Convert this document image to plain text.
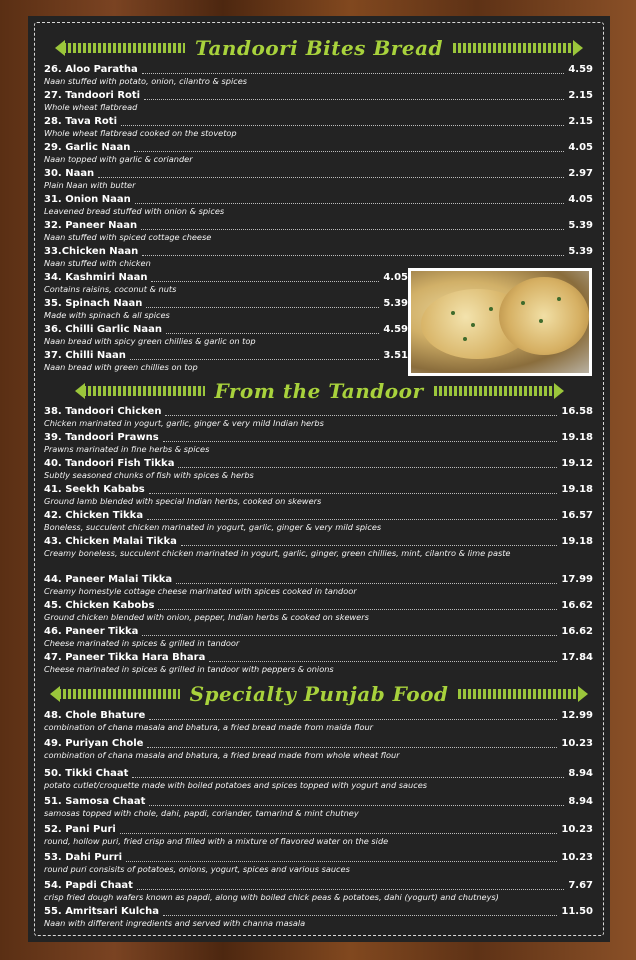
Tandoori Bites Bread
26. Aloo Paratha	4.59
Naan stuffed with potato, onion, cilantro & spices
27. Tandoori Roti	2.15
Whole wheat flatbread
28. Tava Roti	2.15
Whole wheat flatbread cooked on the stovetop
29. Garlic Naan	4.05
Naan topped with garlic & coriander
30. Naan	2.97
Plain Naan with butter
31. Onion Naan	4.05
Leavened bread stuffed with onion & spices
32. Paneer Naan	5.39
Naan stuffed with spiced cottage cheese
33.Chicken Naan	5.39
Naan stuffed with chicken
34. Kashmiri Naan	4.05
Contains raisins, coconut & nuts
35. Spinach Naan	5.39
Made with spinach & all spices
36. Chilli Garlic Naan	4.59
Naan bread with spicy green chillies & garlic on top
37. Chilli Naan	3.51
Naan bread with green chillies on top
From the Tandoor
38. Tandoori Chicken	16.58
Chicken marinated in yogurt, garlic, ginger & very mild Indian herbs
39. Tandoori Prawns	19.18
Prawns marinated in fine herbs & spices
40. Tandoori Fish Tikka	19.12
Subtly seasoned chunks of fish with spices & herbs
41. Seekh Kababs	19.18
Ground lamb blended with special Indian herbs, cooked on skewers
42. Chicken Tikka	16.57
Boneless, succulent chicken marinated in yogurt, garlic, ginger & very mild spices
43. Chicken Malai Tikka	19.18
Creamy boneless, succulent chicken marinated in yogurt, garlic, ginger, green chillies, mint, cilantro & lime paste
44. Paneer Malai Tikka	17.99
Creamy homestyle cottage cheese marinated with spices cooked in tandoor
45. Chicken Kabobs	16.62
Ground chicken blended with onion, pepper, Indian herbs & cooked on skewers
46. Paneer Tikka	16.62
Cheese marinated in spices & grilled in tandoor
47. Paneer Tikka Hara Bhara	17.84
Cheese marinated in spices & grilled in tandoor with peppers & onions
Specialty Punjab Food
48. Chole Bhature	12.99
combination of chana masala and bhatura, a fried bread made from maida flour
49. Puriyan Chole	10.23
combination of chana masala and bhatura, a fried bread made from whole wheat flour
50. Tikki Chaat	8.94
potato cutlet/croquette made with boiled potatoes and spices topped with yogurt and sauces
51. Samosa Chaat	8.94
samosas topped with chole, dahi, papdi, coriander, tamarind & mint chutney
52. Pani Puri	10.23
round, hollow puri, fried crisp and filled with a mixture of flavored water on the side
53. Dahi Purri	10.23
round puri consisits of potatoes, onions, yogurt, spices and various sauces
54. Papdi Chaat	7.67
crisp fried dough wafers known as papdi, along with boiled chick peas & potatoes, dahi (yogurt) and chutneys)
55. Amritsari Kulcha	11.50
Naan with different ingredients and served with channa masala
